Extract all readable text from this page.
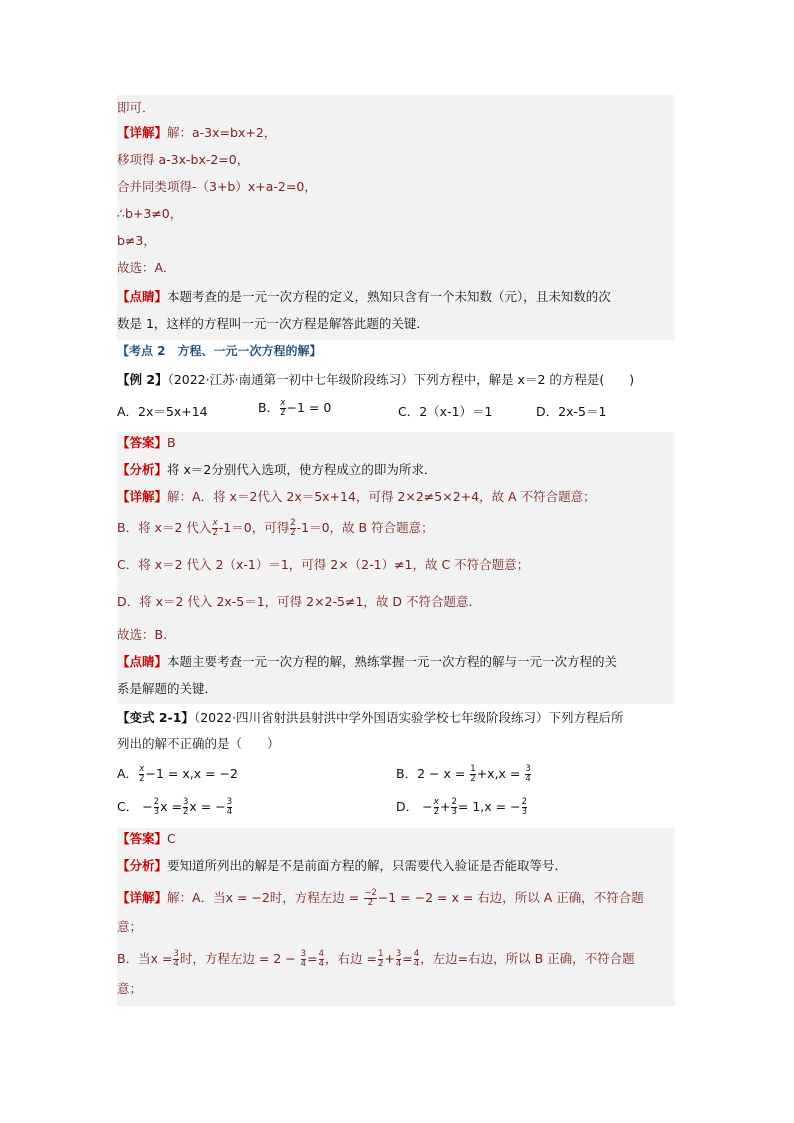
即可．
【详解】解：a-3x=bx+2，
移项得 a-3x-bx-2=0，
合并同类项得-（3+b）x+a-2=0，
∴b+3≠0，
b≠3，
故选：A．
【点睛】本题考查的是一元一次方程的定义，熟知只含有一个未知数（元），且未知数的次
数是 1，这样的方程叫一元一次方程是解答此题的关键．
【考点 2　方程、一元一次方程的解】
【例 2】（2022·江苏·南通第一初中七年级阶段练习）下列方程中，解是 x＝2 的方程是(　　)
A．2x＝5x+14	B． $\frac{x}{2} -1 = 0$	C．2（x-1）＝1	D．2x-5＝1
【答案】B
【分析】将 x＝2分别代入选项，使方程成立的即为所求．
【详解】解：A．将 x＝2代入 2x＝5x+14，可得 2×2≠5×2+4，故 A 不符合题意；
B．将 x＝2 代入 $\frac{x}{2} -1=0$，可得 $\frac{2}{2} -1=0$，故 B 符合题意；
C．将 x＝2 代入 2（x-1）＝1，可得 2×（2-1）≠1，故 C 不符合题意；
D．将 x＝2 代入 2x-5＝1，可得 2×2-5≠1，故 D 不符合题意．
故选：B．
【点睛】本题主要考查一元一次方程的解，熟练掌握一元一次方程的解与一元一次方程的关
系是解题的关键．
【变式 2-1】（2022·四川省射洪县射洪中学外国语实验学校七年级阶段练习）下列方程后所
列出的解不正确的是（　　）
A． $\frac{x}{2} -1 = x,x = -2$	B．$2 - x = \frac{1}{2} +x,x = \frac{3}{4}$
C． − $\frac{2}{3}$ $x = \frac{3}{2}$ x = − $\frac{3}{4}$	D． − $\frac{x}{2} + \frac{2}{3} = 1,x$ = − $\frac{2}{3}$
【答案】C
【分析】要知道所列出的解是不是前面方程的解，只需要代入验证是否能取等号．
【详解】解：A．当x = −2时，方程左边 = $\frac{-2}{2} -1 = -2 = x$ = 右边，所以 A 正确，不符合题
意；
B．当$x = \frac{3}{4}$ 时，方程左边 = $2 - \frac{3}{4} = \frac{4}{4}$ ，右边 = $\frac{1}{2} + \frac{3}{4} = \frac{4}{4}$ ，左边=右边，所以 B 正确，不符合题
意；
